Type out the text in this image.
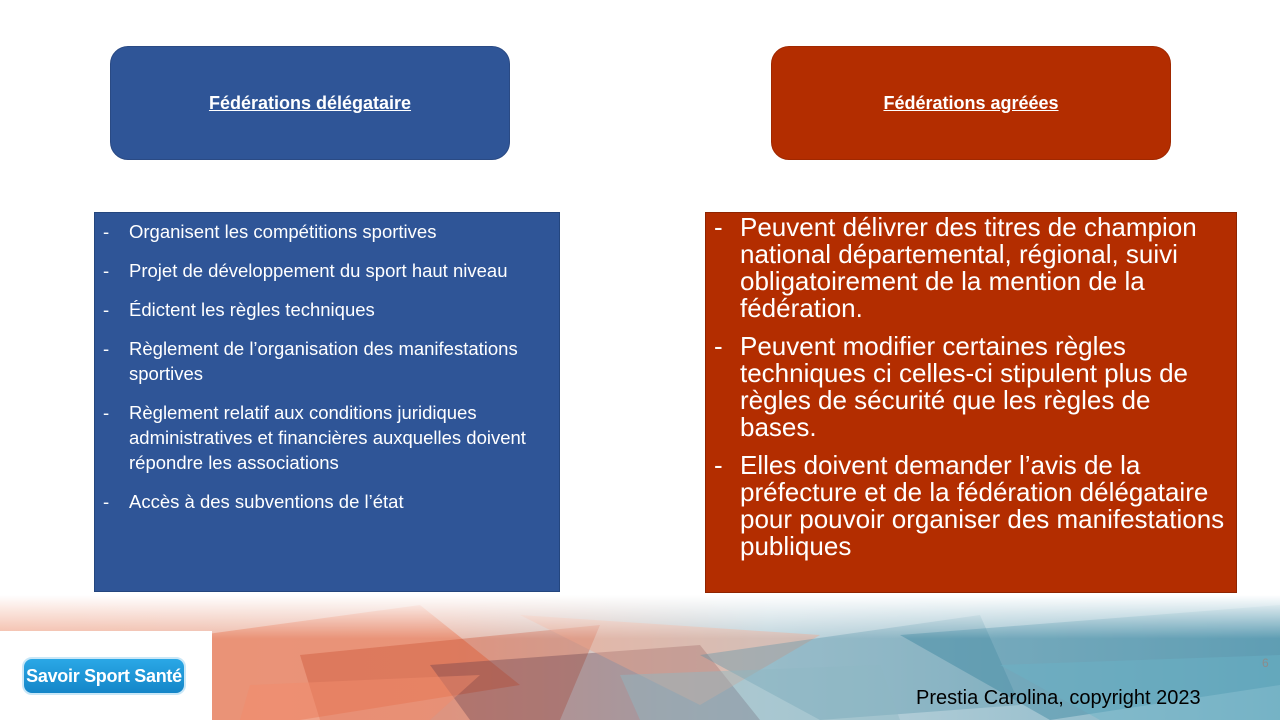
Fédérations délégataire	Fédérations agréées
- Organisent les compétitions sportives
- Projet de développement du sport haut niveau
- Édictent les règles techniques
- Règlement de l’organisation des manifestations sportives
- Règlement relatif aux conditions juridiques administratives et financières auxquelles doivent répondre les associations
- Accès à des subventions de l’état
- Peuvent délivrer des titres de champion national départemental, régional, suivi obligatoirement de la mention de la fédération.
- Peuvent modifier certaines règles techniques ci celles-ci stipulent plus de règles de sécurité que les règles de bases.
- Elles doivent demander l’avis de la préfecture et de la fédération délégataire pour pouvoir organiser des manifestations publiques
Savoir Sport Santé
6
Prestia Carolina, copyright 2023
